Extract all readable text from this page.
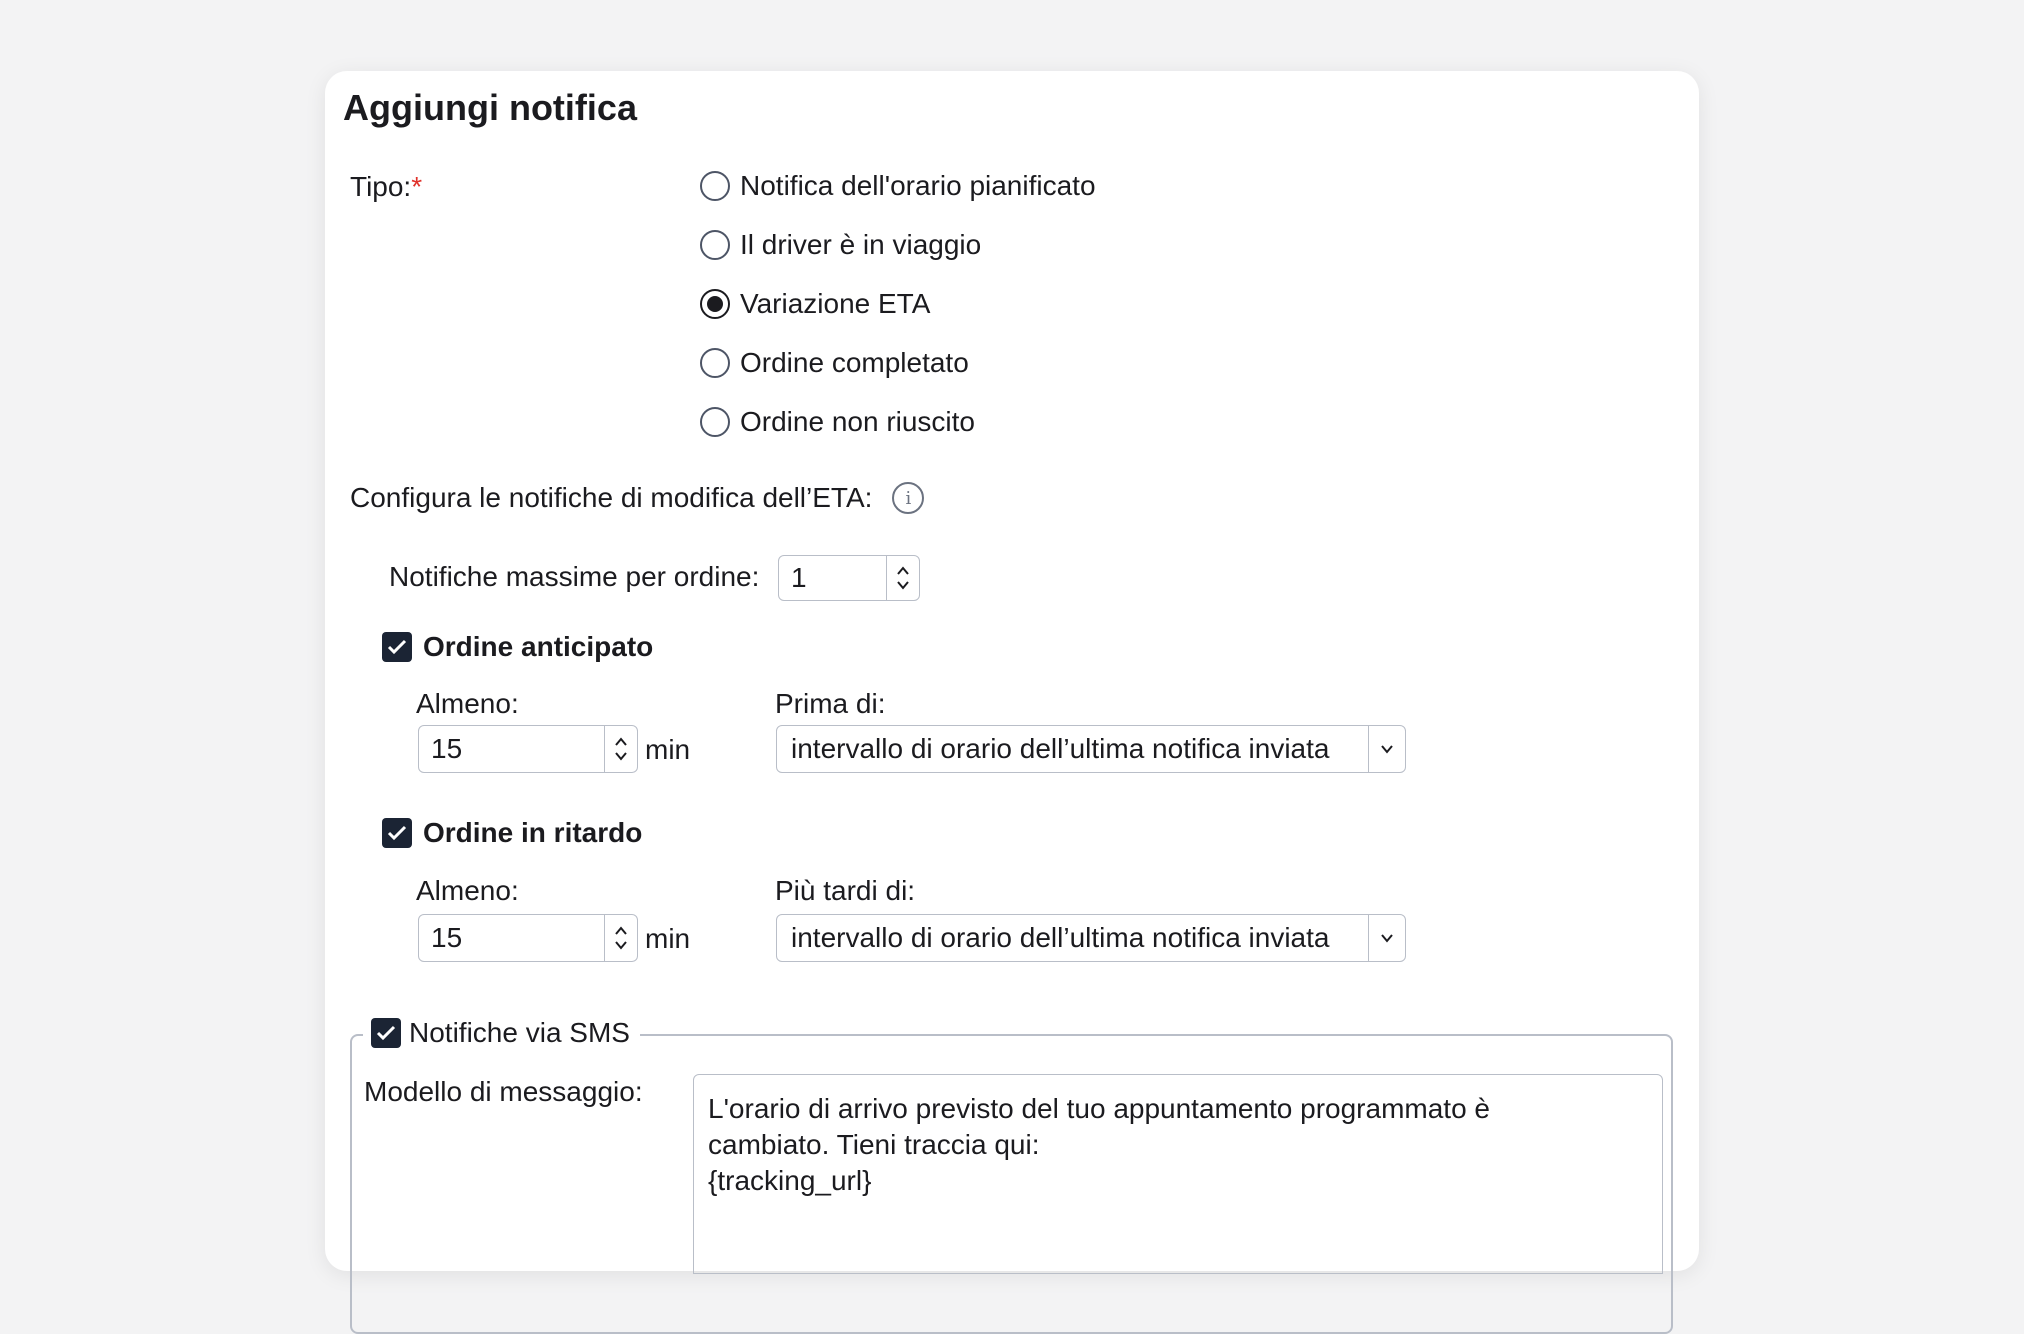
Aggiungi notifica
Tipo:*	Notifica dell'orario pianificato
Il driver è in viaggio
Variazione ETA
Ordine completato
Ordine non riuscito
Configura le notifiche di modifica dell’ETA: i
Notifiche massime per ordine:	1
Ordine anticipato
Almeno:
15	min
Prima di:
intervallo di orario dell’ultima notifica inviata
Ordine in ritardo
Almeno:
15	min
Più tardi di:
intervallo di orario dell’ultima notifica inviata
Notifiche via SMS
Modello di messaggio:
L'orario di arrivo previsto del tuo appuntamento programmato è
cambiato. Tieni traccia qui:
{tracking_url}
